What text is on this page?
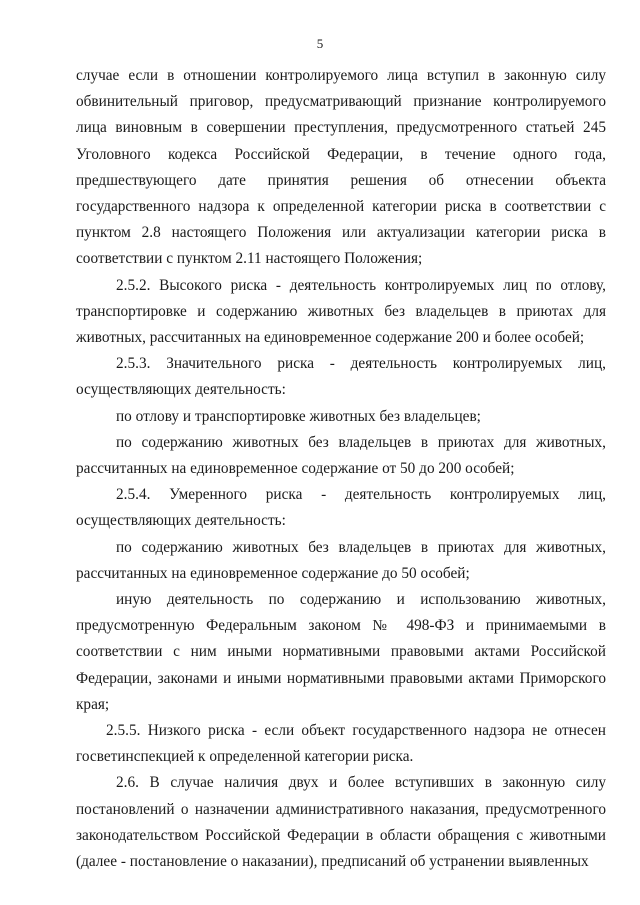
5

случае если в отношении контролируемого лица вступил в законную силу обвинительный приговор, предусматривающий признание контролируемого лица виновным в совершении преступления, предусмотренного статьей 245 Уголовного кодекса Российской Федерации, в течение одного года, предшествующего дате принятия решения об отнесении объекта государственного надзора к определенной категории риска в соответствии с пунктом 2.8 настоящего Положения или актуализации категории риска в соответствии с пунктом 2.11 настоящего Положения;

2.5.2. Высокого риска - деятельность контролируемых лиц по отлову, транспортировке и содержанию животных без владельцев в приютах для животных, рассчитанных на единовременное содержание 200 и более особей;

2.5.3. Значительного риска - деятельность контролируемых лиц, осуществляющих деятельность:

по отлову и транспортировке животных без владельцев;

по содержанию животных без владельцев в приютах для животных, рассчитанных на единовременное содержание от 50 до 200 особей;

2.5.4. Умеренного риска - деятельность контролируемых лиц, осуществляющих деятельность:

по содержанию животных без владельцев в приютах для животных, рассчитанных на единовременное содержание до 50 особей;

иную деятельность по содержанию и использованию животных, предусмотренную Федеральным законом № 498-ФЗ и принимаемыми в соответствии с ним иными нормативными правовыми актами Российской Федерации, законами и иными нормативными правовыми актами Приморского края;

2.5.5. Низкого риска - если объект государственного надзора не отнесен госветинспекцией к определенной категории риска.

2.6. В случае наличия двух и более вступивших в законную силу постановлений о назначении административного наказания, предусмотренного законодательством Российской Федерации в области обращения с животными (далее - постановление о наказании), предписаний об устранении выявленных
